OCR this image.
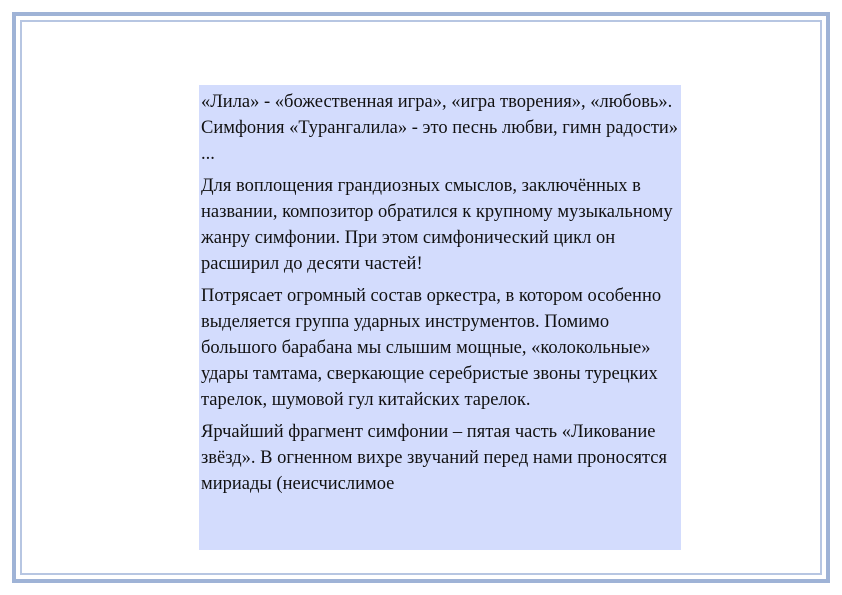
«Лила» - «божественная игра», «игра творения», «любовь». Симфония «Турангалила» - это песнь любви, гимн радости» ...

Для воплощения грандиозных смыслов, заключённых в названии, композитор обратился к крупному музыкальному жанру симфонии. При этом симфонический цикл он расширил до десяти частей!

Потрясает огромный состав оркестра, в котором особенно выделяется группа ударных инструментов. Помимо большого барабана мы слышим мощные, «колокольные» удары тамтама, сверкающие серебристые звоны турецких тарелок, шумовой гул китайских тарелок.

Ярчайший фрагмент симфонии – пятая часть «Ликование звёзд». В огненном вихре звучаний перед нами проносятся мириады (неисчислимое
